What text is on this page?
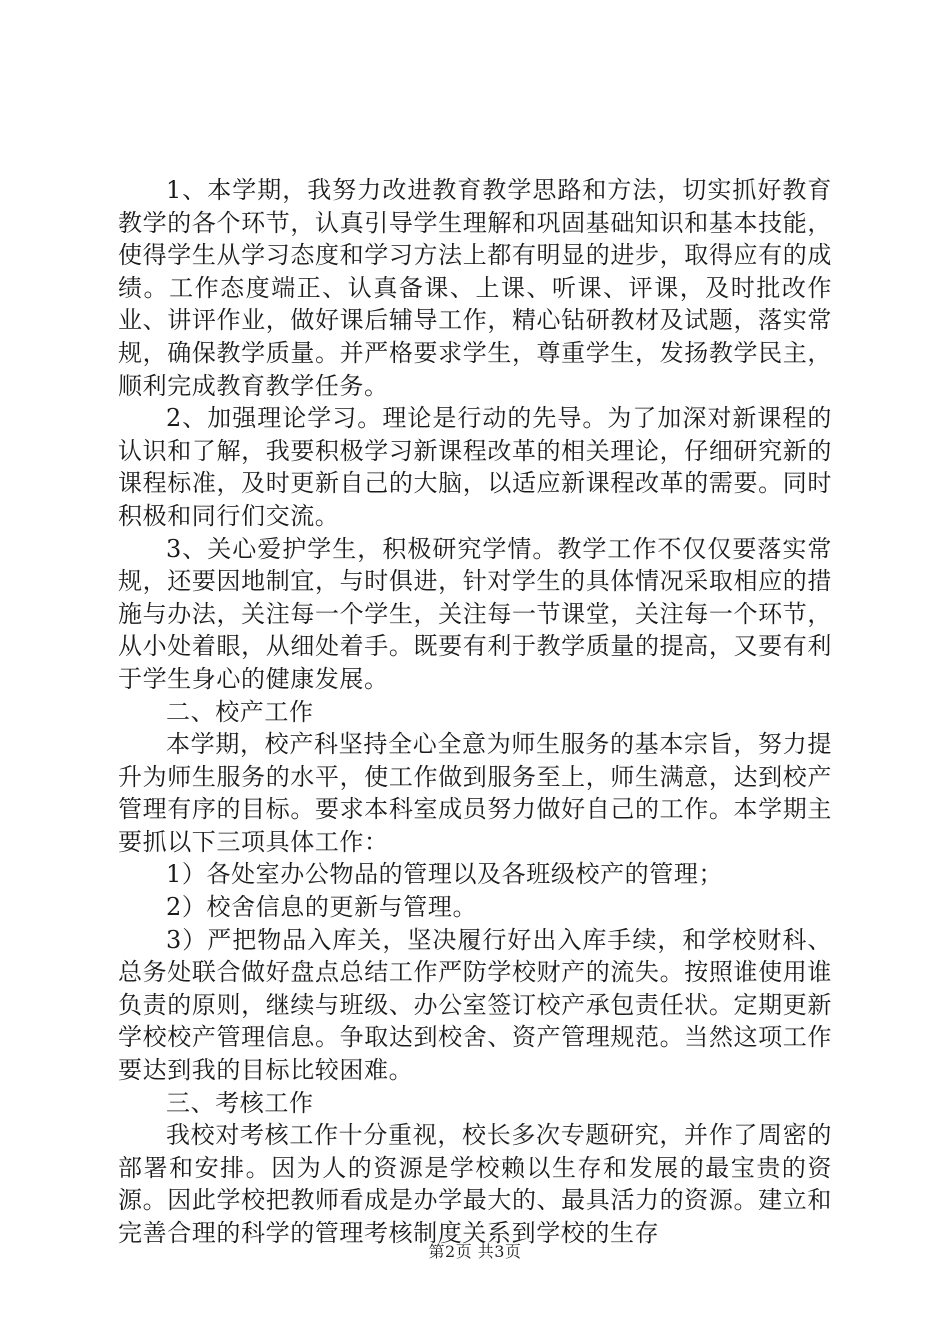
1、本学期，我努力改进教育教学思路和方法，切实抓好教育教学的各个环节，认真引导学生理解和巩固基础知识和基本技能，使得学生从学习态度和学习方法上都有明显的进步，取得应有的成绩。工作态度端正、认真备课、上课、听课、评课，及时批改作业、讲评作业，做好课后辅导工作，精心钻研教材及试题，落实常规，确保教学质量。并严格要求学生，尊重学生，发扬教学民主，顺利完成教育教学任务。

2、加强理论学习。理论是行动的先导。为了加深对新课程的认识和了解，我要积极学习新课程改革的相关理论，仔细研究新的课程标准，及时更新自己的大脑，以适应新课程改革的需要。同时积极和同行们交流。

3、关心爱护学生，积极研究学情。教学工作不仅仅要落实常规，还要因地制宜，与时俱进，针对学生的具体情况采取相应的措施与办法，关注每一个学生，关注每一节课堂，关注每一个环节，从小处着眼，从细处着手。既要有利于教学质量的提高，又要有利于学生身心的健康发展。

二、校产工作

本学期，校产科坚持全心全意为师生服务的基本宗旨，努力提升为师生服务的水平，使工作做到服务至上，师生满意，达到校产管理有序的目标。要求本科室成员努力做好自己的工作。本学期主要抓以下三项具体工作：

1）各处室办公物品的管理以及各班级校产的管理；

2）校舍信息的更新与管理。

3）严把物品入库关，坚决履行好出入库手续，和学校财科、总务处联合做好盘点总结工作严防学校财产的流失。按照谁使用谁负责的原则，继续与班级、办公室签订校产承包责任状。定期更新学校校产管理信息。争取达到校舍、资产管理规范。当然这项工作要达到我的目标比较困难。

三、考核工作

我校对考核工作十分重视，校长多次专题研究，并作了周密的部署和安排。因为人的资源是学校赖以生存和发展的最宝贵的资源。因此学校把教师看成是办学最大的、最具活力的资源。建立和完善合理的科学的管理考核制度关系到学校的生存

第2页 共3页
